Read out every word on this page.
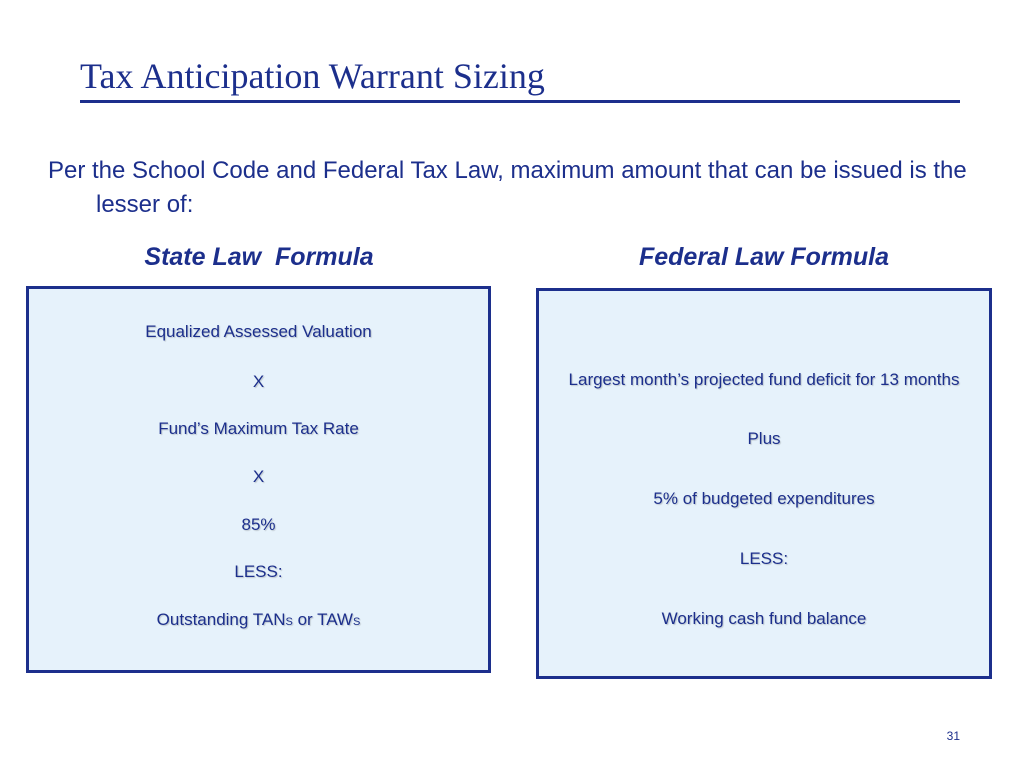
Tax Anticipation Warrant Sizing

Per the School Code and Federal Tax Law, maximum amount that can be issued is the lesser of:

State Law  Formula	Federal Law Formula

Equalized Assessed Valuation

X

Fund’s Maximum Tax Rate

X

85%

LESS:

Outstanding TANS or TAWS

Largest month’s projected fund deficit for 13 months

Plus

5% of budgeted expenditures

LESS:

Working cash fund balance

31
